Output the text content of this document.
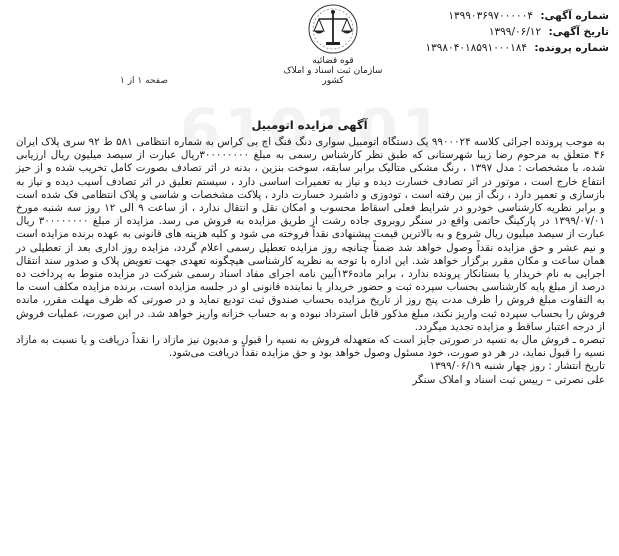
شماره آگهی: ۱۳۹۹۰۳۶۹۷۰۰۰۰۰۴
تاریخ آگهی: ۱۳۹۹/۰۶/۱۲
شماره پرونده: ۱۳۹۸۰۴۰۱۸۵۹۱۰۰۰۱۸۴
قوه قضائیه
سازمان ثبت اسناد و املاک کشور
صفحه ۱ از ۱
آگهی مزایده اتومبیل

به موجب پرونده اجرائی کلاسه ۹۹۰۰۰۲۴ یک دستگاه اتومبیل سواری دنگ فنگ اچ بی کراس به شماره انتظامی ۵۸۱ ط ۹۲ سری پلاک ایران ۴۶ متعلق به مرحوم رضا زیبا شهرستانی که طبق نظر کارشناس رسمی به مبلغ ۳۰۰۰۰۰۰۰۰ریال عبارت از سیصد میلیون ریال ارزیابی شده، با مشخصات : مدل ۱۳۹۷ ، رنگ مشکی متالیک برابر سابقه، سوخت بنزین ، بدنه در اثر تصادف بصورت کامل تخریب شده و از حیز انتفاع خارج است ، موتور در اثر تصادف خسارت دیده و نیاز به تعمیرات اساسی دارد ، سیستم تعلیق در اثر تصادف آسیب دیده و نیاز به بازسازی و تعمیر دارد ، رنگ از بین رفته است ، تودوزی و داشبرد خسارت دارد ، پلاکت مشخصات و شاسی و پلاک انتظامی فک شده است و برابر نظریه کارشناسی خودرو در شرایط فعلی اسقاط محسوب و امکان نقل و انتقال ندارد ، از ساعت ۹ الی ۱۲ روز سه شنبه مورخ ۱۳۹۹/۰۷/۰۱ در پارکینگ حاتمی واقع در سنگر روبروی جاده رشت از طریق مزایده به فروش می رسد. مزایده از مبلغ ۳۰۰۰۰۰۰۰۰ ریال عبارت از سیصد میلیون ریال شروع و به بالاترین قیمت پیشنهادی نقداً فروخته می شود و کلیه هزینه های قانونی به عهده برنده مزایده است و نیم عشر و حق مزایده نقداً وصول خواهد شد ضمناً چنانچه روز مزایده تعطیل رسمی اعلام گردد، مزایده روز اداری بعد از تعطیلی در همان ساعت و مکان مقرر برگزار خواهد شد. این اداره با توجه به نظریه کارشناسی هیچگونه تعهدی جهت تعویض پلاک و صدور سند انتقال اجرایی به نام خریدار یا بستانکار پرونده ندارد ، برابر ماده۱۳۶آیین نامه اجرای مفاد اسناد رسمی شرکت در مزایده منوط به پرداخت ده درصد از مبلغ پایه کارشناسی بحساب سپرده ثبت و حضور خریدار یا نماینده قانونی او در جلسه مزایده است، برنده مزایده مکلف است ما به التفاوت مبلغ فروش را ظرف مدت پنج روز از تاریخ مزایده بحساب صندوق ثبت تودیع نماید و در صورتی که ظرف مهلت مقرر، مانده فروش را بحساب سپرده ثبت واریز نکند، مبلغ مذکور قابل استرداد نبوده و به حساب خزانه واریز خواهد شد. در این صورت، عملیات فروش از درجه اعتبار ساقط و مزایده تجدید میگردد.

تبصره ـ فروش مال به نسیه در صورتی جایز است که متعهدله فروش به نسیه را قبول و مدیون نیز مازاد را نقداً دریافت و یا نسبت به مازاد نسیه را قبول نماید، در هر دو صورت، خود مسئول وصول خواهد بود و حق مزایده نقداً دریافت می‌شود.

تاریخ انتشار : روز چهار شنبه ۱۳۹۹/۰۶/۱۹
علی نصرتی – رییس ثبت اسناد و املاک سنگر
